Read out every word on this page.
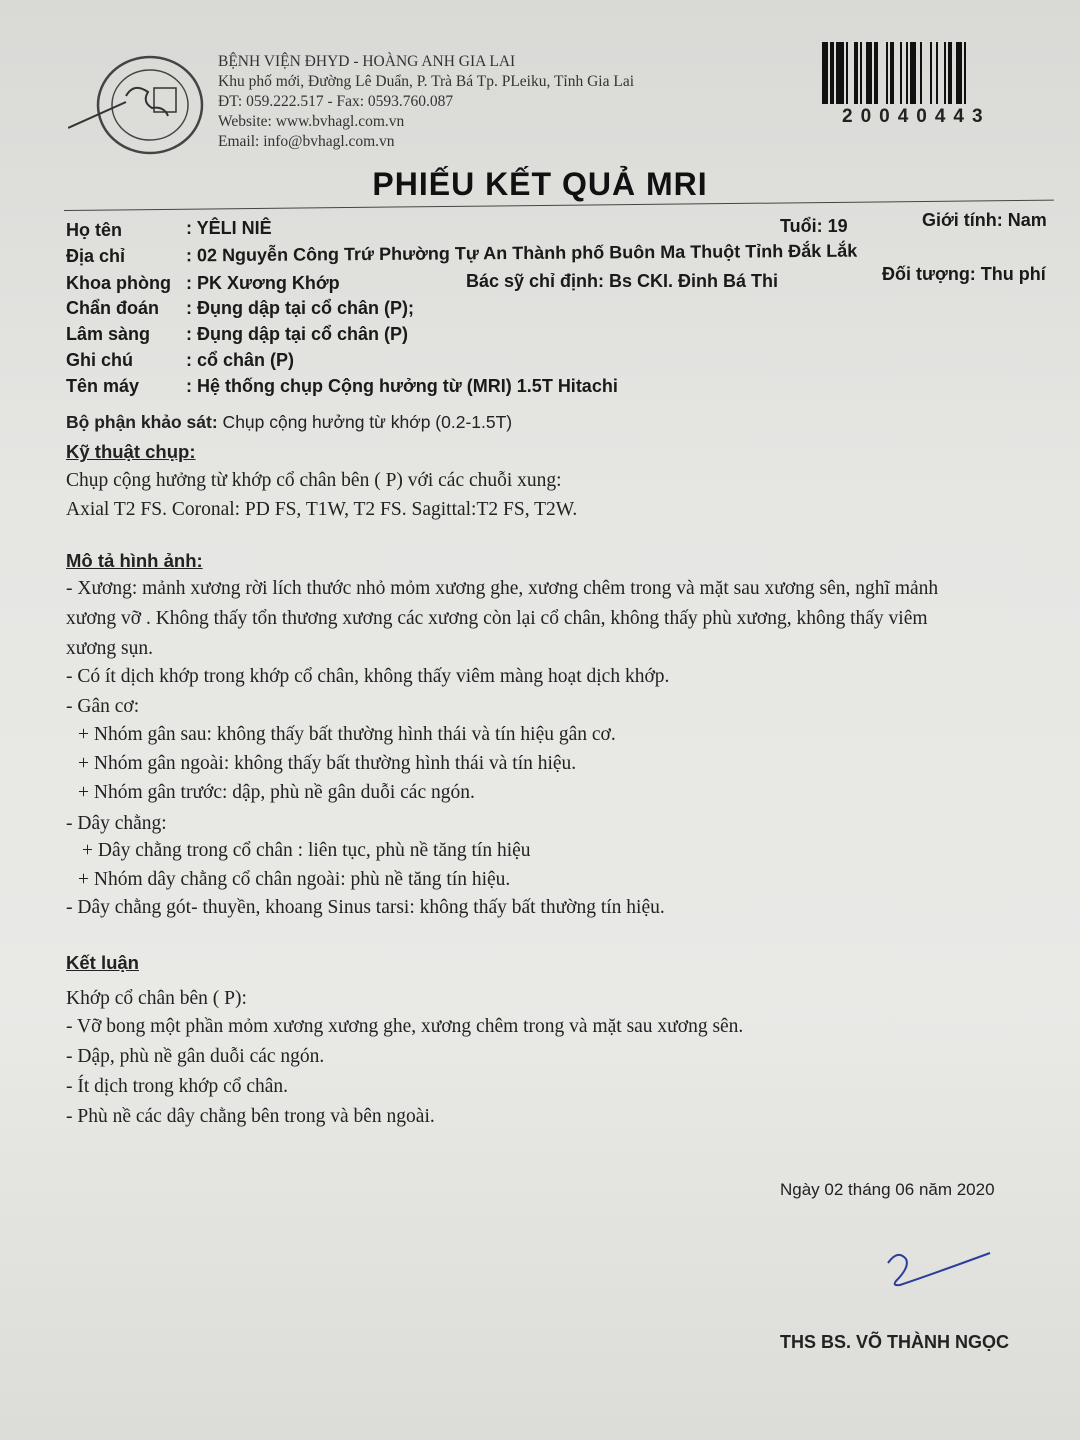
BỆNH VIỆN ĐHYD - HOÀNG ANH GIA LAI
Khu phố mới, Đường Lê Duẩn, P. Trà Bá Tp. PLeiku, Tỉnh Gia Lai
ĐT: 059.222.517 - Fax: 0593.760.087
Website: www.bvhagl.com.vn
Email: info@bvhagl.com.vn
20040443
PHIẾU KẾT QUẢ MRI
Họ tên	: YÊLI NIÊ	Tuổi: 19	Giới tính: Nam
Địa chỉ	: 02 Nguyễn Công Trứ Phường Tự An Thành phố Buôn Ma Thuột Tỉnh Đắk Lắk
Khoa phòng : PK Xương Khớp	Bác sỹ chỉ định: Bs CKI. Đinh Bá Thi	Đối tượng: Thu phí
Chẩn đoán : Đụng dập tại cổ chân (P);
Lâm sàng : Đụng dập tại cổ chân (P)
Ghi chú	: cổ chân (P)
Tên máy	: Hệ thống chụp Cộng hưởng từ (MRI) 1.5T Hitachi
Bộ phận khảo sát: Chụp cộng hưởng từ khớp (0.2-1.5T)
Kỹ thuật chụp:
Chụp cộng hưởng từ khớp cổ chân bên ( P) với các chuỗi xung:
Axial T2 FS. Coronal: PD FS, T1W, T2 FS. Sagittal:T2 FS, T2W.
Mô tả hình ảnh:
- Xương: mảnh xương rời lích thước nhỏ mỏm xương ghe, xương chêm trong và mặt sau xương sên, nghĩ mảnh
xương vỡ . Không thấy tổn thương xương các xương còn lại cổ chân, không thấy phù xương, không thấy viêm
xương sụn.
- Có ít dịch khớp trong khớp cổ chân, không thấy viêm màng hoạt dịch khớp.
- Gân cơ:
+ Nhóm gân sau: không thấy bất thường hình thái và tín hiệu gân cơ.
+ Nhóm gân ngoài: không thấy bất thường hình thái và tín hiệu.
+ Nhóm gân trước: dập, phù nề gân duỗi các ngón.
- Dây chằng:
+ Dây chằng trong cổ chân : liên tục, phù nề tăng tín hiệu
+ Nhóm dây chằng cổ chân ngoài: phù nề tăng tín hiệu.
- Dây chằng gót- thuyền, khoang Sinus tarsi: không thấy bất thường tín hiệu.
Kết luận
Khớp cổ chân bên ( P):
- Vỡ bong một phần mỏm xương xương ghe, xương chêm trong và mặt sau xương sên.
- Dập, phù nề gân duỗi các ngón.
- Ít dịch trong khớp cổ chân.
- Phù nề các dây chằng bên trong và bên ngoài.
Ngày 02 tháng 06 năm 2020
THS BS. VÕ THÀNH NGỌC
